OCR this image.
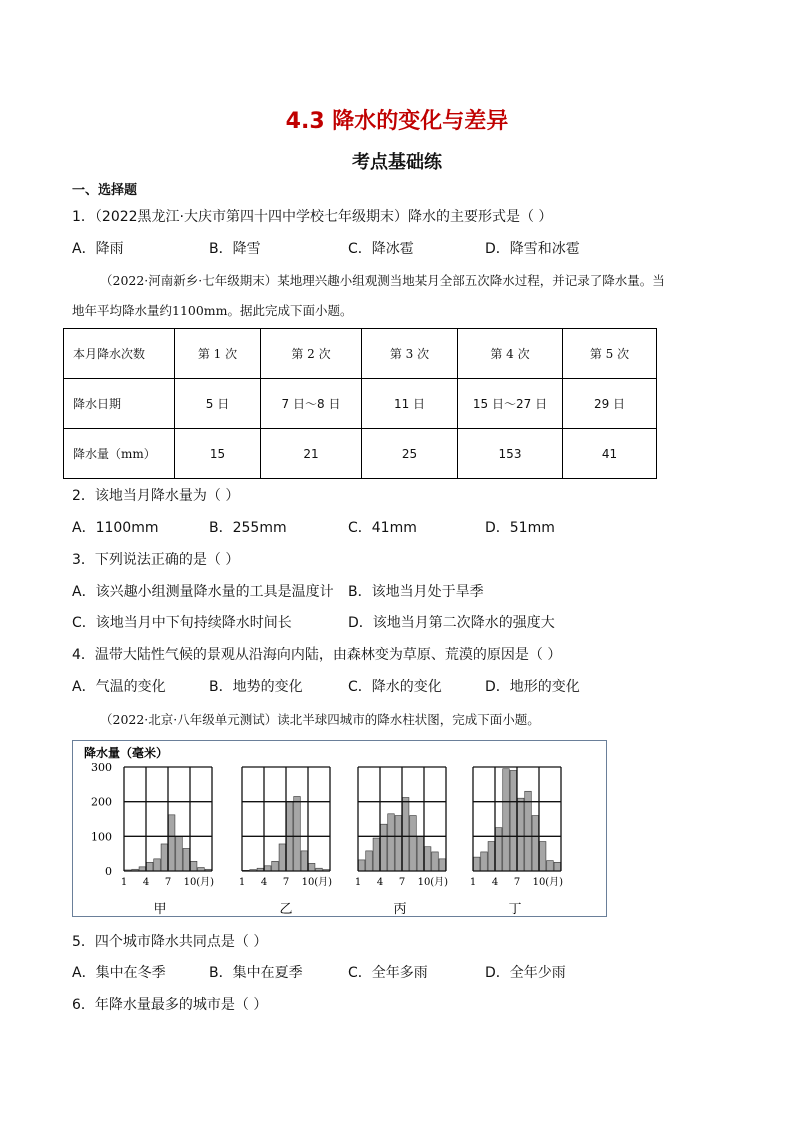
4.3 降水的变化与差异
考点基础练
一、选择题
1．（2022黑龙江·大庆市第四十四中学校七年级期末）降水的主要形式是（ ）
A．降雨	B．降雪	C．降冰雹	D．降雪和冰雹
（2022·河南新乡·七年级期末）某地理兴趣小组观测当地某月全部五次降水过程，并记录了降水量。当
地年平均降水量约1100mm。据此完成下面小题。
本月降水次数	第 1 次	第 2 次	第 3 次	第 4 次	第 5 次
降水日期	5 日	7 日～8 日	11 日	15 日～27 日	29 日
降水量（mm）	15	21	25	153	41
2．该地当月降水量为（ ）
A．1100mm	B．255mm	C．41mm	D．51mm
3．下列说法正确的是（ ）
A．该兴趣小组测量降水量的工具是温度计 B．该地当月处于旱季
C．该地当月中下旬持续降水时间长	D．该地当月第二次降水的强度大
4．温带大陆性气候的景观从沿海向内陆，由森林变为草原、荒漠的原因是（ ）
A．气温的变化	B．地势的变化	C．降水的变化	D．地形的变化
（2022·北京·八年级单元测试）读北半球四城市的降水柱状图，完成下面小题。
降水量（毫米）
300
200
100
0
1 4 7 10 (月)
甲
1 4 7 10 (月)
乙
1 4 7 10 (月)
丙
1 4 7 10 (月)
丁
5．四个城市降水共同点是（ ）
A．集中在冬季	B．集中在夏季	C．全年多雨	D．全年少雨
6．年降水量最多的城市是（ ）
